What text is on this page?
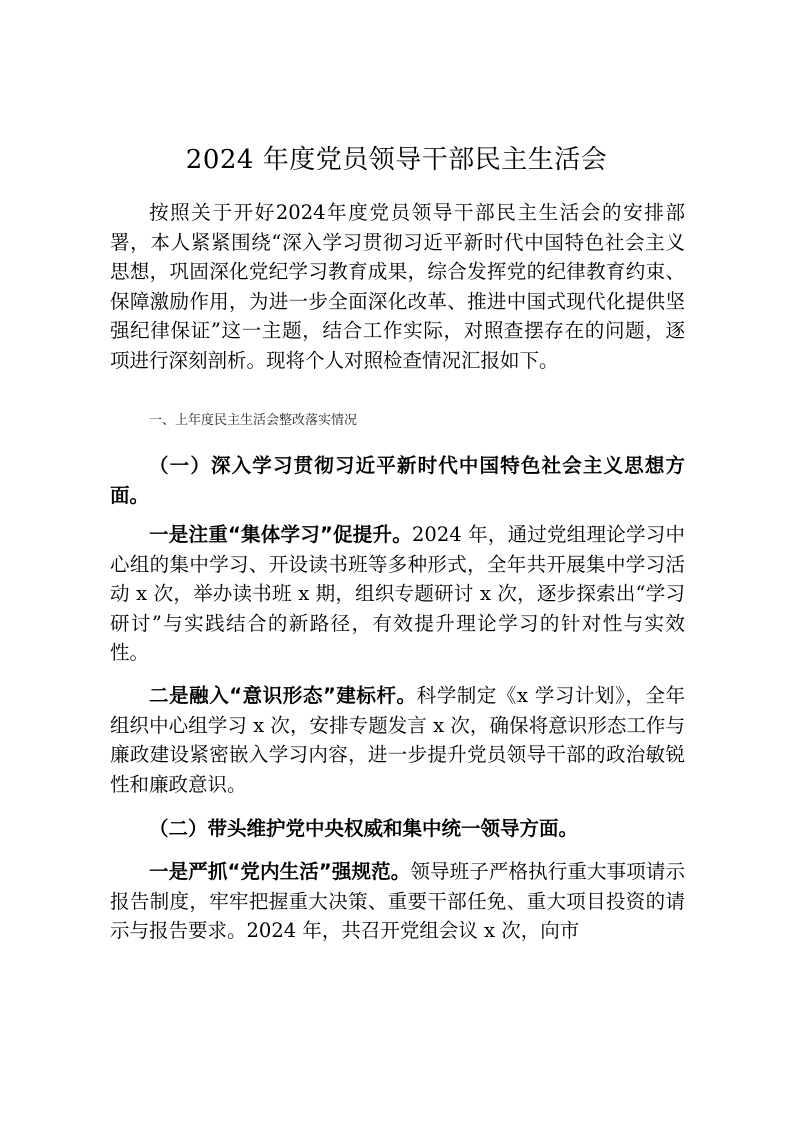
2024 年度党员领导干部民主生活会

按照关于开好2024年度党员领导干部民主生活会的安排部署，本人紧紧围绕“深入学习贯彻习近平新时代中国特色社会主义思想，巩固深化党纪学习教育成果，综合发挥党的纪律教育约束、保障激励作用，为进一步全面深化改革、推进中国式现代化提供坚强纪律保证”这一主题，结合工作实际，对照查摆存在的问题，逐项进行深刻剖析。现将个人对照检查情况汇报如下。

一、上年度民主生活会整改落实情况

（一）深入学习贯彻习近平新时代中国特色社会主义思想方面。

一是注重“集体学习”促提升。2024 年，通过党组理论学习中心组的集中学习、开设读书班等多种形式，全年共开展集中学习活动 x 次，举办读书班 x 期，组织专题研讨 x 次，逐步探索出“学习研讨”与实践结合的新路径，有效提升理论学习的针对性与实效性。

二是融入“意识形态”建标杆。科学制定《x 学习计划》，全年组织中心组学习 x 次，安排专题发言 x 次，确保将意识形态工作与廉政建设紧密嵌入学习内容，进一步提升党员领导干部的政治敏锐性和廉政意识。

（二）带头维护党中央权威和集中统一领导方面。

一是严抓“党内生活”强规范。领导班子严格执行重大事项请示报告制度，牢牢把握重大决策、重要干部任免、重大项目投资的请示与报告要求。2024 年，共召开党组会议 x 次，向市
